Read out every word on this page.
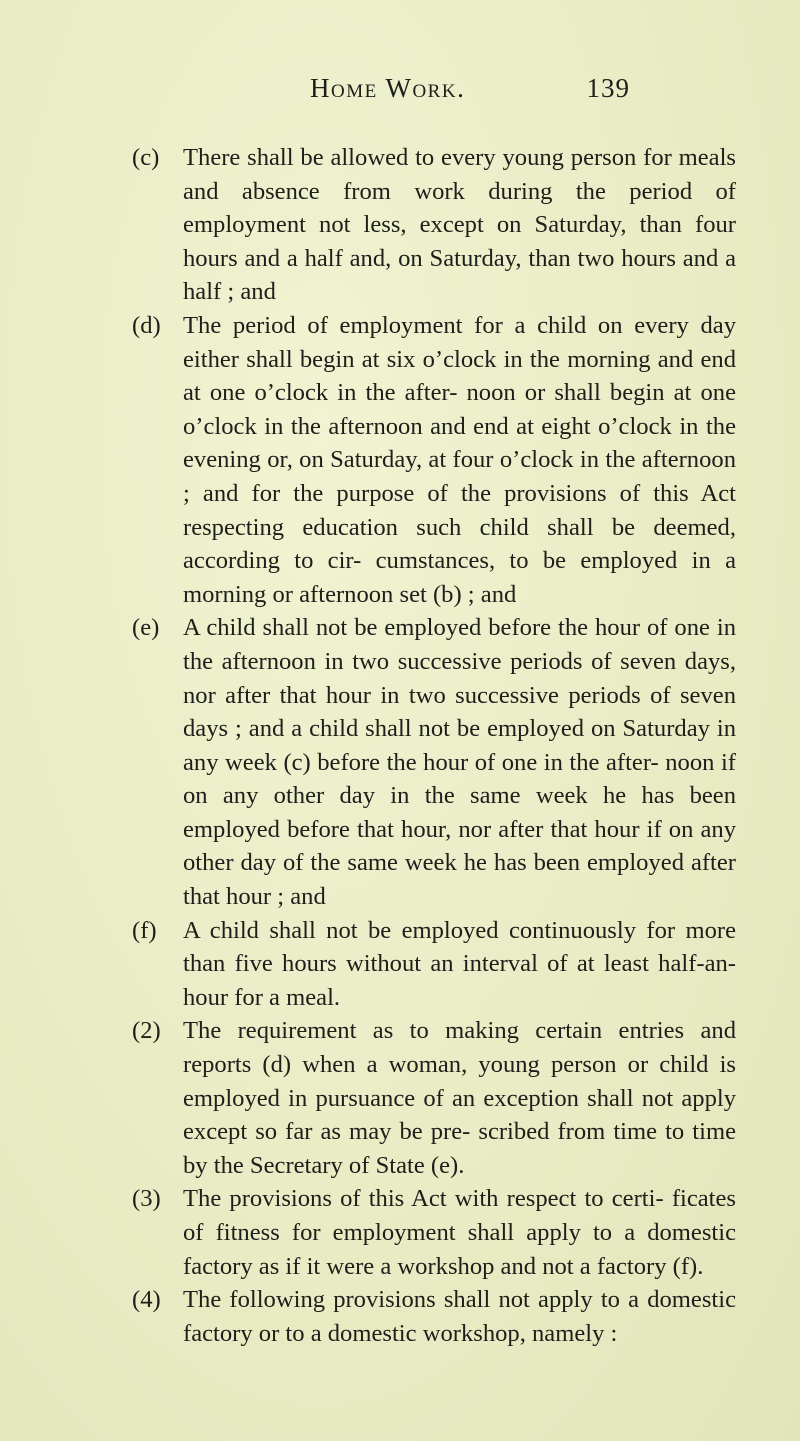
Home Work.	139
(c) There shall be allowed to every young person for meals and absence from work during the period of employment not less, except on Saturday, than four hours and a half and, on Saturday, than two hours and a half ; and
(d) The period of employment for a child on every day either shall begin at six o’clock in the morning and end at one o’clock in the after- noon or shall begin at one o’clock in the afternoon and end at eight o’clock in the evening or, on Saturday, at four o’clock in the afternoon ; and for the purpose of the provisions of this Act respecting education such child shall be deemed, according to cir- cumstances, to be employed in a morning or afternoon set (b) ; and
(e) A child shall not be employed before the hour of one in the afternoon in two successive periods of seven days, nor after that hour in two successive periods of seven days ; and a child shall not be employed on Saturday in any week (c) before the hour of one in the after- noon if on any other day in the same week he has been employed before that hour, nor after that hour if on any other day of the same week he has been employed after that hour ; and
(f)	A child shall not be employed continuously for more than five hours without an interval of at least half-an-hour for a meal.
(2) The requirement as to making certain entries and reports (d) when a woman, young person or child is employed in pursuance of an exception shall not apply except so far as may be pre- scribed from time to time by the Secretary of State (e).
(3) The provisions of this Act with respect to certi- ficates of fitness for employment shall apply to a domestic factory as if it were a workshop and not a factory (f).
(4) The following provisions shall not apply to a domestic factory or to a domestic workshop, namely :
